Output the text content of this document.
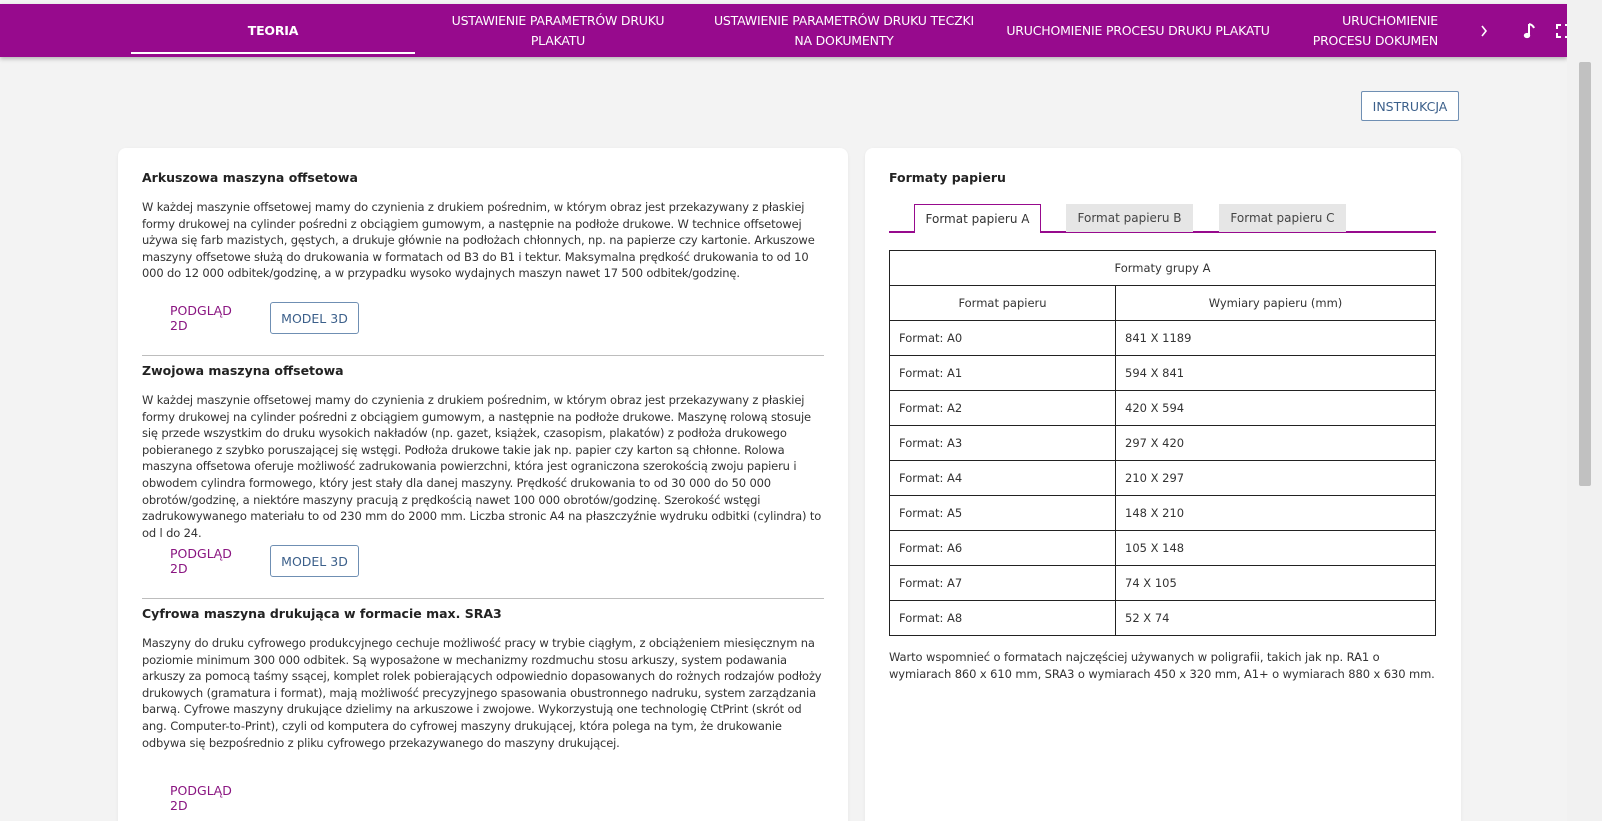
TEORIA
USTAWIENIE PARAMETRÓW DRUKU PLAKATU
USTAWIENIE PARAMETRÓW DRUKU TECZKI NA DOKUMENTY
URUCHOMIENIE PROCESU DRUKU PLAKATU
URUCHOMIENIE PROCESU DOKUMEN
INSTRUKCJA
Arkuszowa maszyna offsetowa
W każdej maszynie offsetowej mamy do czynienia z drukiem pośrednim, w którym obraz jest przekazywany z płaskiej formy drukowej na cylinder pośredni z obciągiem gumowym, a następnie na podłoże drukowe. W technice offsetowej używa się farb mazistych, gęstych, a drukuje głównie na podłożach chłonnych, np. na papierze czy kartonie. Arkuszowe maszyny offsetowe służą do drukowania w formatach od B3 do B1 i tektur. Maksymalna prędkość drukowania to od 10 000 do 12 000 odbitek/godzinę, a w przypadku wysoko wydajnych maszyn nawet 17 500 odbitek/godzinę.
PODGLĄD 2D	MODEL 3D
Zwojowa maszyna offsetowa
W każdej maszynie offsetowej mamy do czynienia z drukiem pośrednim, w którym obraz jest przekazywany z płaskiej formy drukowej na cylinder pośredni z obciągiem gumowym, a następnie na podłoże drukowe. Maszynę rolową stosuje się przede wszystkim do druku wysokich nakładów (np. gazet, książek, czasopism, plakatów) z podłoża drukowego pobieranego z szybko poruszającej się wstęgi. Podłoża drukowe takie jak np. papier czy karton są chłonne. Rolowa maszyna offsetowa oferuje możliwość zadrukowania powierzchni, która jest ograniczona szerokością zwoju papieru i obwodem cylindra formowego, który jest stały dla danej maszyny. Prędkość drukowania to od 30 000 do 50 000 obrotów/godzinę, a niektóre maszyny pracują z prędkością nawet 100 000 obrotów/godzinę. Szerokość wstęgi zadrukowywanego materiału to od 230 mm do 2000 mm. Liczba stronic A4 na płaszczyźnie wydruku odbitki (cylindra) to od l do 24.
PODGLĄD 2D	MODEL 3D
Cyfrowa maszyna drukująca w formacie max. SRA3
Maszyny do druku cyfrowego produkcyjnego cechuje możliwość pracy w trybie ciągłym, z obciążeniem miesięcznym na poziomie minimum 300 000 odbitek. Są wyposażone w mechanizmy rozdmuchu stosu arkuszy, system podawania arkuszy za pomocą taśmy ssącej, komplet rolek pobierających odpowiednio dopasowanych do rożnych rodzajów podłoży drukowych (gramatura i format), mają możliwość precyzyjnego spasowania obustronnego nadruku, system zarządzania barwą. Cyfrowe maszyny drukujące dzielimy na arkuszowe i zwojowe. Wykorzystują one technologię CtPrint (skrót od ang. Computer-to-Print), czyli od komputera do cyfrowej maszyny drukującej, która polega na tym, że drukowanie odbywa się bezpośrednio z pliku cyfrowego przekazywanego do maszyny drukującej.
PODGLĄD 2D
Formaty papieru
Format papieru A	Format papieru B	Format papieru C
Formaty grupy A	
Format papieru	Wymiary papieru (mm)
Format: A0	841 X 1189
Format: A1	594 X 841
Format: A2	420 X 594
Format: A3	297 X 420
Format: A4	210 X 297
Format: A5	148 X 210
Format: A6	105 X 148
Format: A7	74 X 105
Format: A8	52 X 74
Warto wspomnieć o formatach najczęściej używanych w poligrafii, takich jak np. RA1 o wymiarach 860 x 610 mm, SRA3 o wymiarach 450 x 320 mm, A1+ o wymiarach 880 x 630 mm.
